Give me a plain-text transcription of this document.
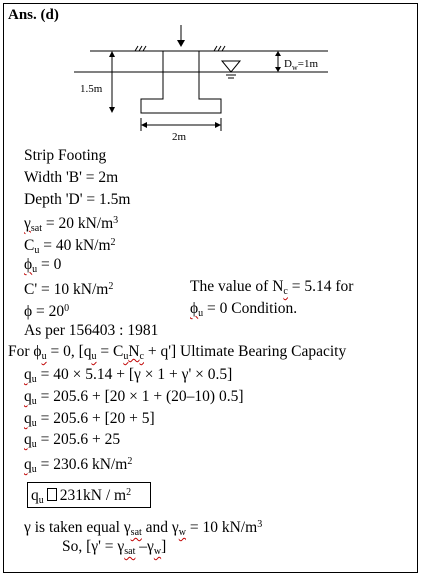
Ans. (d)
$D_w=1m$
1.5m
2m
Strip Footing
Width 'B' = 2m
Depth 'D' = 1.5m
$\gamma_{sat} = 20$ $kN/m^3$
$C_u = 40$ $kN/m^2$
$\phi_u = 0$
C' = 10 $kN/m^2$	The value of $N_c = 5.14$ for
$\phi = 20^0$	$\phi_u = 0$ Condition.
As per 156403 : 1981
For $\phi_u = 0$, $[q_u = C_uN_c + q']$ Ultimate Bearing Capacity
$q_u = 40 \times 5.14 + [\gamma \times 1 + \gamma' \times 0.5]$
$q_u = 205.6 + [20 \times 1 + (20-10)$ 0.5]
$q_u = 205.6 + [20 + 5]$
$q_u = 205.6 + 25$
$q_u = 230.6$ $kN/m^2$
$q_u$ $231kN / m^2$
γ is taken equal $\gamma_{sat}$ and $\gamma_w = 10$ $kN/m^3$
So, [$\gamma' = \gamma_{sat}$ $-\gamma_w$]
